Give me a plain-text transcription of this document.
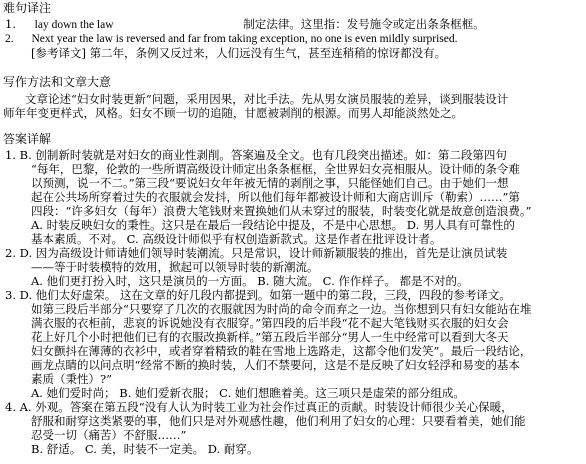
难句译注
1. lay down the law	制定法律。这里指：发号施令或定出条条框框。
2. Next year the law is reversed and far from taking exception, no one is even mildly surprised.
[参考译文] 第二年，条例又反过来，人们远没有生气，甚至连稍稍的惊讶都没有。
写作方法和文章大意
文章论述“妇女时装更新”问题，采用因果，对比手法。先从男女演员服装的差异，谈到服装设计
师年年变更样式，风格。妇女不顾一切的追随，甘愿被剥削的根源。而男人却能淡然处之。
答案详解
1. B. 创制新时装就是对妇女的商业性剥削。答案遍及全文。也有几段突出描述。如：第二段第四句
“每年，巴黎，伦敦的一些所谓高级设计师定出条条框框，全世界妇女亮相服从。设计师的条令难
以预测，说一不二。”第三段“要说妇女年年被无情的剥削之事，只能怪她们自己。由于她们一想
起在公共场所穿着过失的衣服就会发抖，所以他们每年都被设计师和大商店训斥（勒索）……”第
四段：“许多妇女（每年）浪费大笔钱财来置换她们从未穿过的服装，时装变化就是故意创造浪费。”
A. 时装反映妇女的秉性。这只是在最后一段结论中提及，不是中心思想。 D. 男人具有可靠性的
基本素质。不对。 C. 高级设计师似乎有权创造新款式。这是作者在批评设计者。
2. D. 因为高级设计师请她们领导时装潮流。只是常识，设计师新颖服装的推出，首先是让演员试装
——等于时装模特的效用，掀起可以领导时装的新潮流。
A. 他们更打扮入时，这只是演员的一方面。 B. 随大流。 C. 作作样子。 都是不对的。
3. D. 他们太好虚荣。 这在文章的好几段内都提到。如第一题中的第二段，三段，四段的参考译文。
如第三段后半部分“只要穿了几次的衣服就因为时尚的命令而弃之一边。当你想到只有妇女能站在堆
满衣服的衣柜前，悲哀的诉说她没有衣服穿。”第四段的后半段“花不起大笔钱财买衣服的妇女会
花上好几个小时把他们已有的衣服改换新样。”第五段后半部分“男人一生中经常可以看到大冬天
妇女颤抖在薄薄的衣衫中，或者穿着精致的鞋在雪地上选路走，这都令他们发笑”。最后一段结论，
画龙点睛的以问点明“经常不断的换时装，人们不禁要问，这是不是反映了妇女轻浮和易变的基本
素质（秉性）?”
A. 她们爱时尚； B. 她们爱新衣服； C. 她们想瞧着美。这三项只是虚荣的部分组成。
4. A. 外观。答案在第五段“没有人认为时装工业为社会作过真正的贡献。时装设计师很少关心保暖，
舒服和耐穿这类紧要的事，他们只是对外观感性趣，他们利用了妇女的心理：只要看着美，她们能
忍受一切（痛苦）不舒服……”
B. 舒适。 C. 美，时装不一定美。 D. 耐穿。
